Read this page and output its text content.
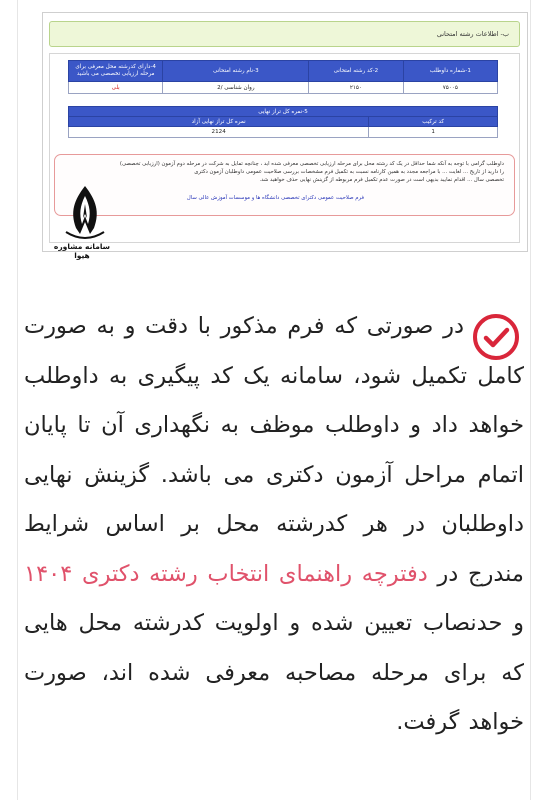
ب- اطلاعات رشته امتحانی
1-شماره داوطلب	2-کد رشته امتحانی	3-نام رشته امتحانی	4-دارای کدرشته محل معرفی برای مرحله ارزیابی تخصصی می باشید
۷۵۰۰۵	۲۱۵۰	روان شناسی /2	بلی
5-نمره کل تراز نهایی	
کد ترکیب	نمره کل تراز نهایی آزاد
1	2124

داوطلب گرامی با توجه به آنکه شما حداقل در یک کد رشته محل برای مرحله ارزیابی تخصصی معرفی شده اید ، چنانچه تمایل به شرکت در مرحله دوم آزمون (ارزیابی تخصصی)

را دارید از تاریخ ... لغایت ... با مراجعه مجدد به همین کارنامه نسبت به تکمیل فرم مشخصات بررسی صلاحیت عمومی داوطلبان آزمون دکتری

تخصصی سال ... اقدام نمایید بدیهی است در صورت عدم تکمیل فرم مربوطه از گزینش نهایی حذف خواهید شد.

فرم صلاحیت عمومی دکترای تخصصی دانشگاه ها و موسسات آموزش عالی سال

سامانه مشاوره هیوا
در صورتی که فرم مذکور با دقت و به صورت کامل تکمیل شود، سامانه یک کد پیگیری به داوطلب خواهد داد و داوطلب موظف به نگهداری آن تا پایان اتمام مراحل آزمون دکتری می باشد. گزینش نهایی داوطلبان در هر کدرشته محل بر اساس شرایط مندرج در دفترچه راهنمای انتخاب رشته دکتری ۱۴۰۴ و حدنصاب تعیین شده و اولویت کدرشته محل هایی که برای مرحله مصاحبه معرفی شده اند، صورت خواهد گرفت.
